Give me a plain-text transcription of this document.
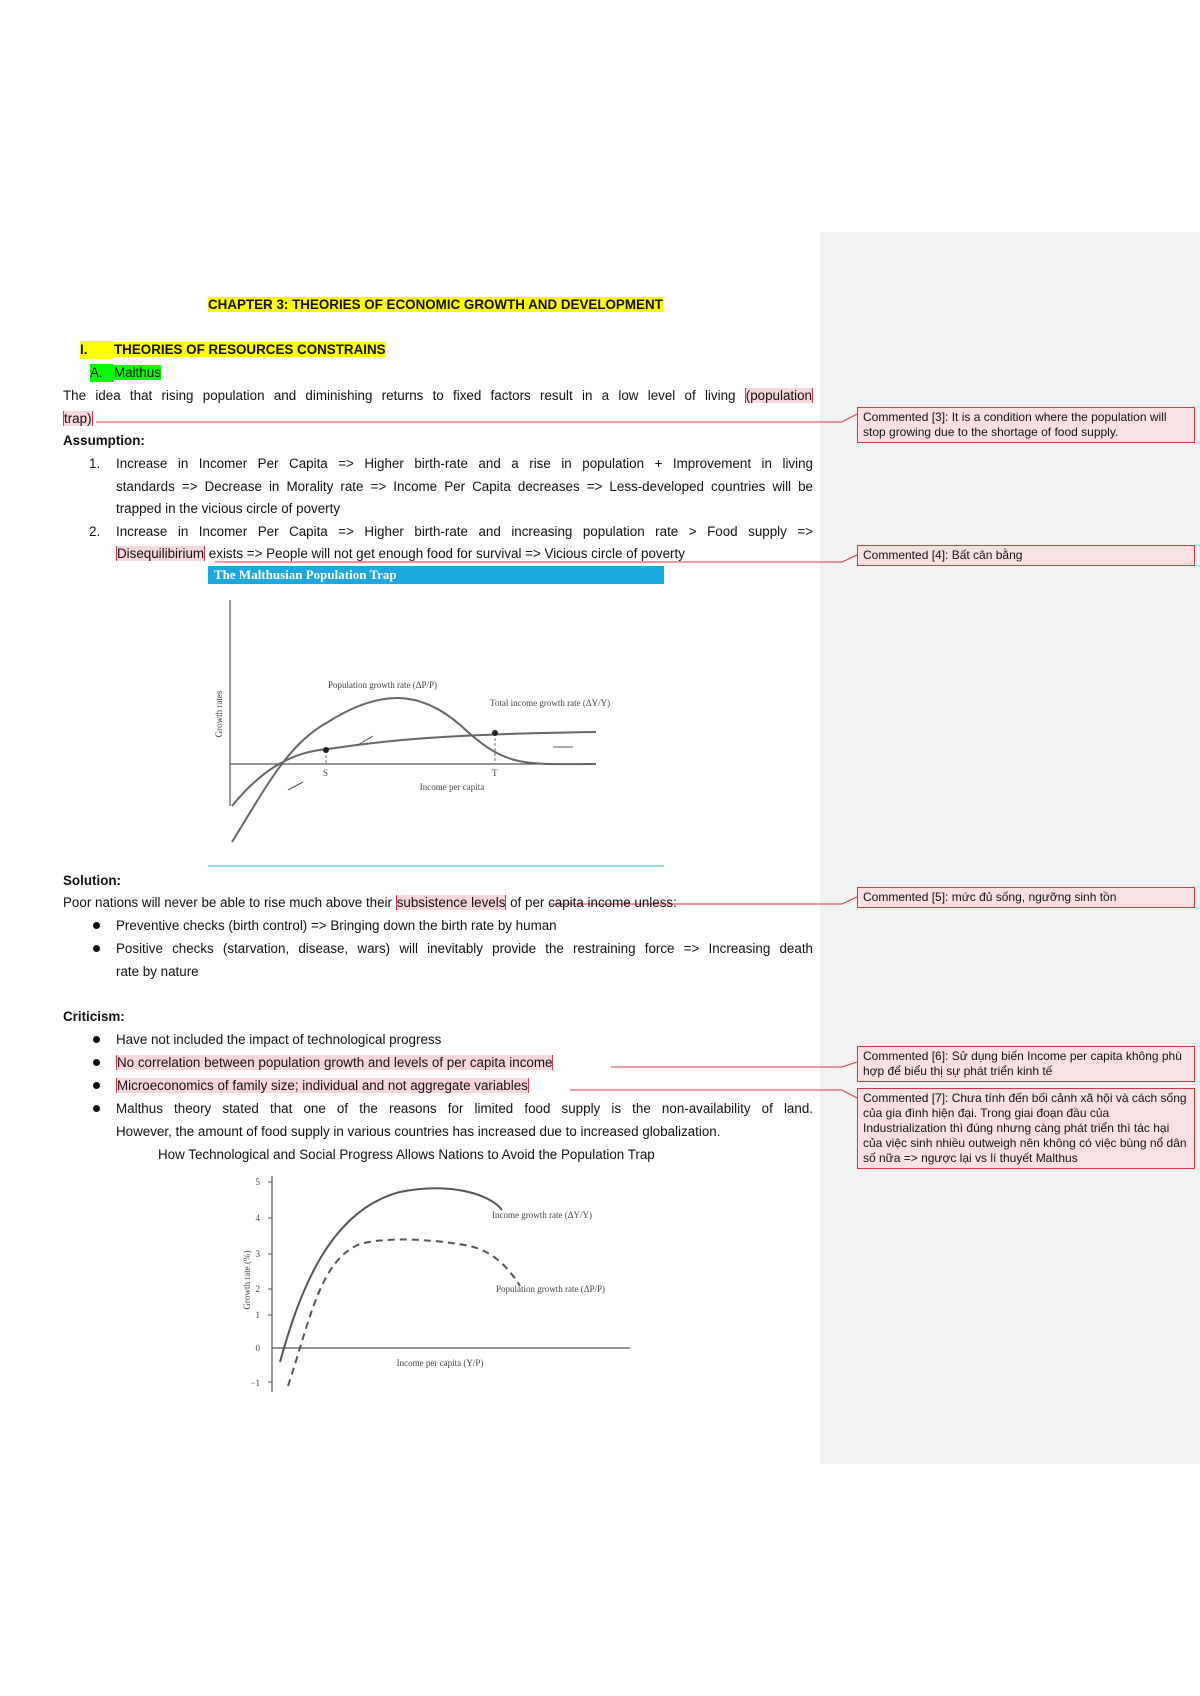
CHAPTER 3: THEORIES OF ECONOMIC GROWTH AND DEVELOPMENT
I. THEORIES OF RESOURCES CONSTRAINS
A. Malthus
The idea that rising population and diminishing returns to fixed factors result in a low level of living (population
trap)
Assumption:
1. Increase in Incomer Per Capita => Higher birth-rate and a rise in population + Improvement in living
standards => Decrease in Morality rate => Income Per Capita decreases => Less-developed countries will be
trapped in the vicious circle of poverty
2. Increase in Incomer Per Capita => Higher birth-rate and increasing population rate > Food supply =>
Disequilibirium exists => People will not get enough food for survival => Vicious circle of poverty
The Malthusian Population Trap
Growth rates
Income per capita
Population growth rate (ΔP/P)
Total income growth rate (ΔY/Y)
S	T
Solution:
Poor nations will never be able to rise much above their subsistence levels of per capita income unless:
Preventive checks (birth control) => Bringing down the birth rate by human
Positive checks (starvation, disease, wars) will inevitably provide the restraining force => Increasing death
rate by nature
Criticism:
Have not included the impact of technological progress
No correlation between population growth and levels of per capita income
Microeconomics of family size; individual and not aggregate variables
Malthus theory stated that one of the reasons for limited food supply is the non-availability of land.
However, the amount of food supply in various countries has increased due to increased globalization.
How Technological and Social Progress Allows Nations to Avoid the Population Trap
5
4
3
2
1
0
−1
Growth rate (%)
Income per capita (Y/P)
Income growth rate (ΔY/Y)
Population growth rate (ΔP/P)
Commented [3]: It is a condition where the population will stop growing due to the shortage of food supply.
Commented [4]: Bất cân bằng
Commented [5]: mức đủ sống, ngưỡng sinh tồn
Commented [6]: Sử dụng biến Income per capita không phù hợp để biểu thị sự phát triển kinh tế
Commented [7]: Chưa tính đến bối cảnh xã hội và cách sống của gia đình hiện đại. Trong giai đoạn đầu của Industrialization thì đúng nhưng càng phát triển thì tác hại của việc sinh nhiều outweigh nên không có việc bùng nổ dân số nữa => ngược lại vs lí thuyết Malthus
